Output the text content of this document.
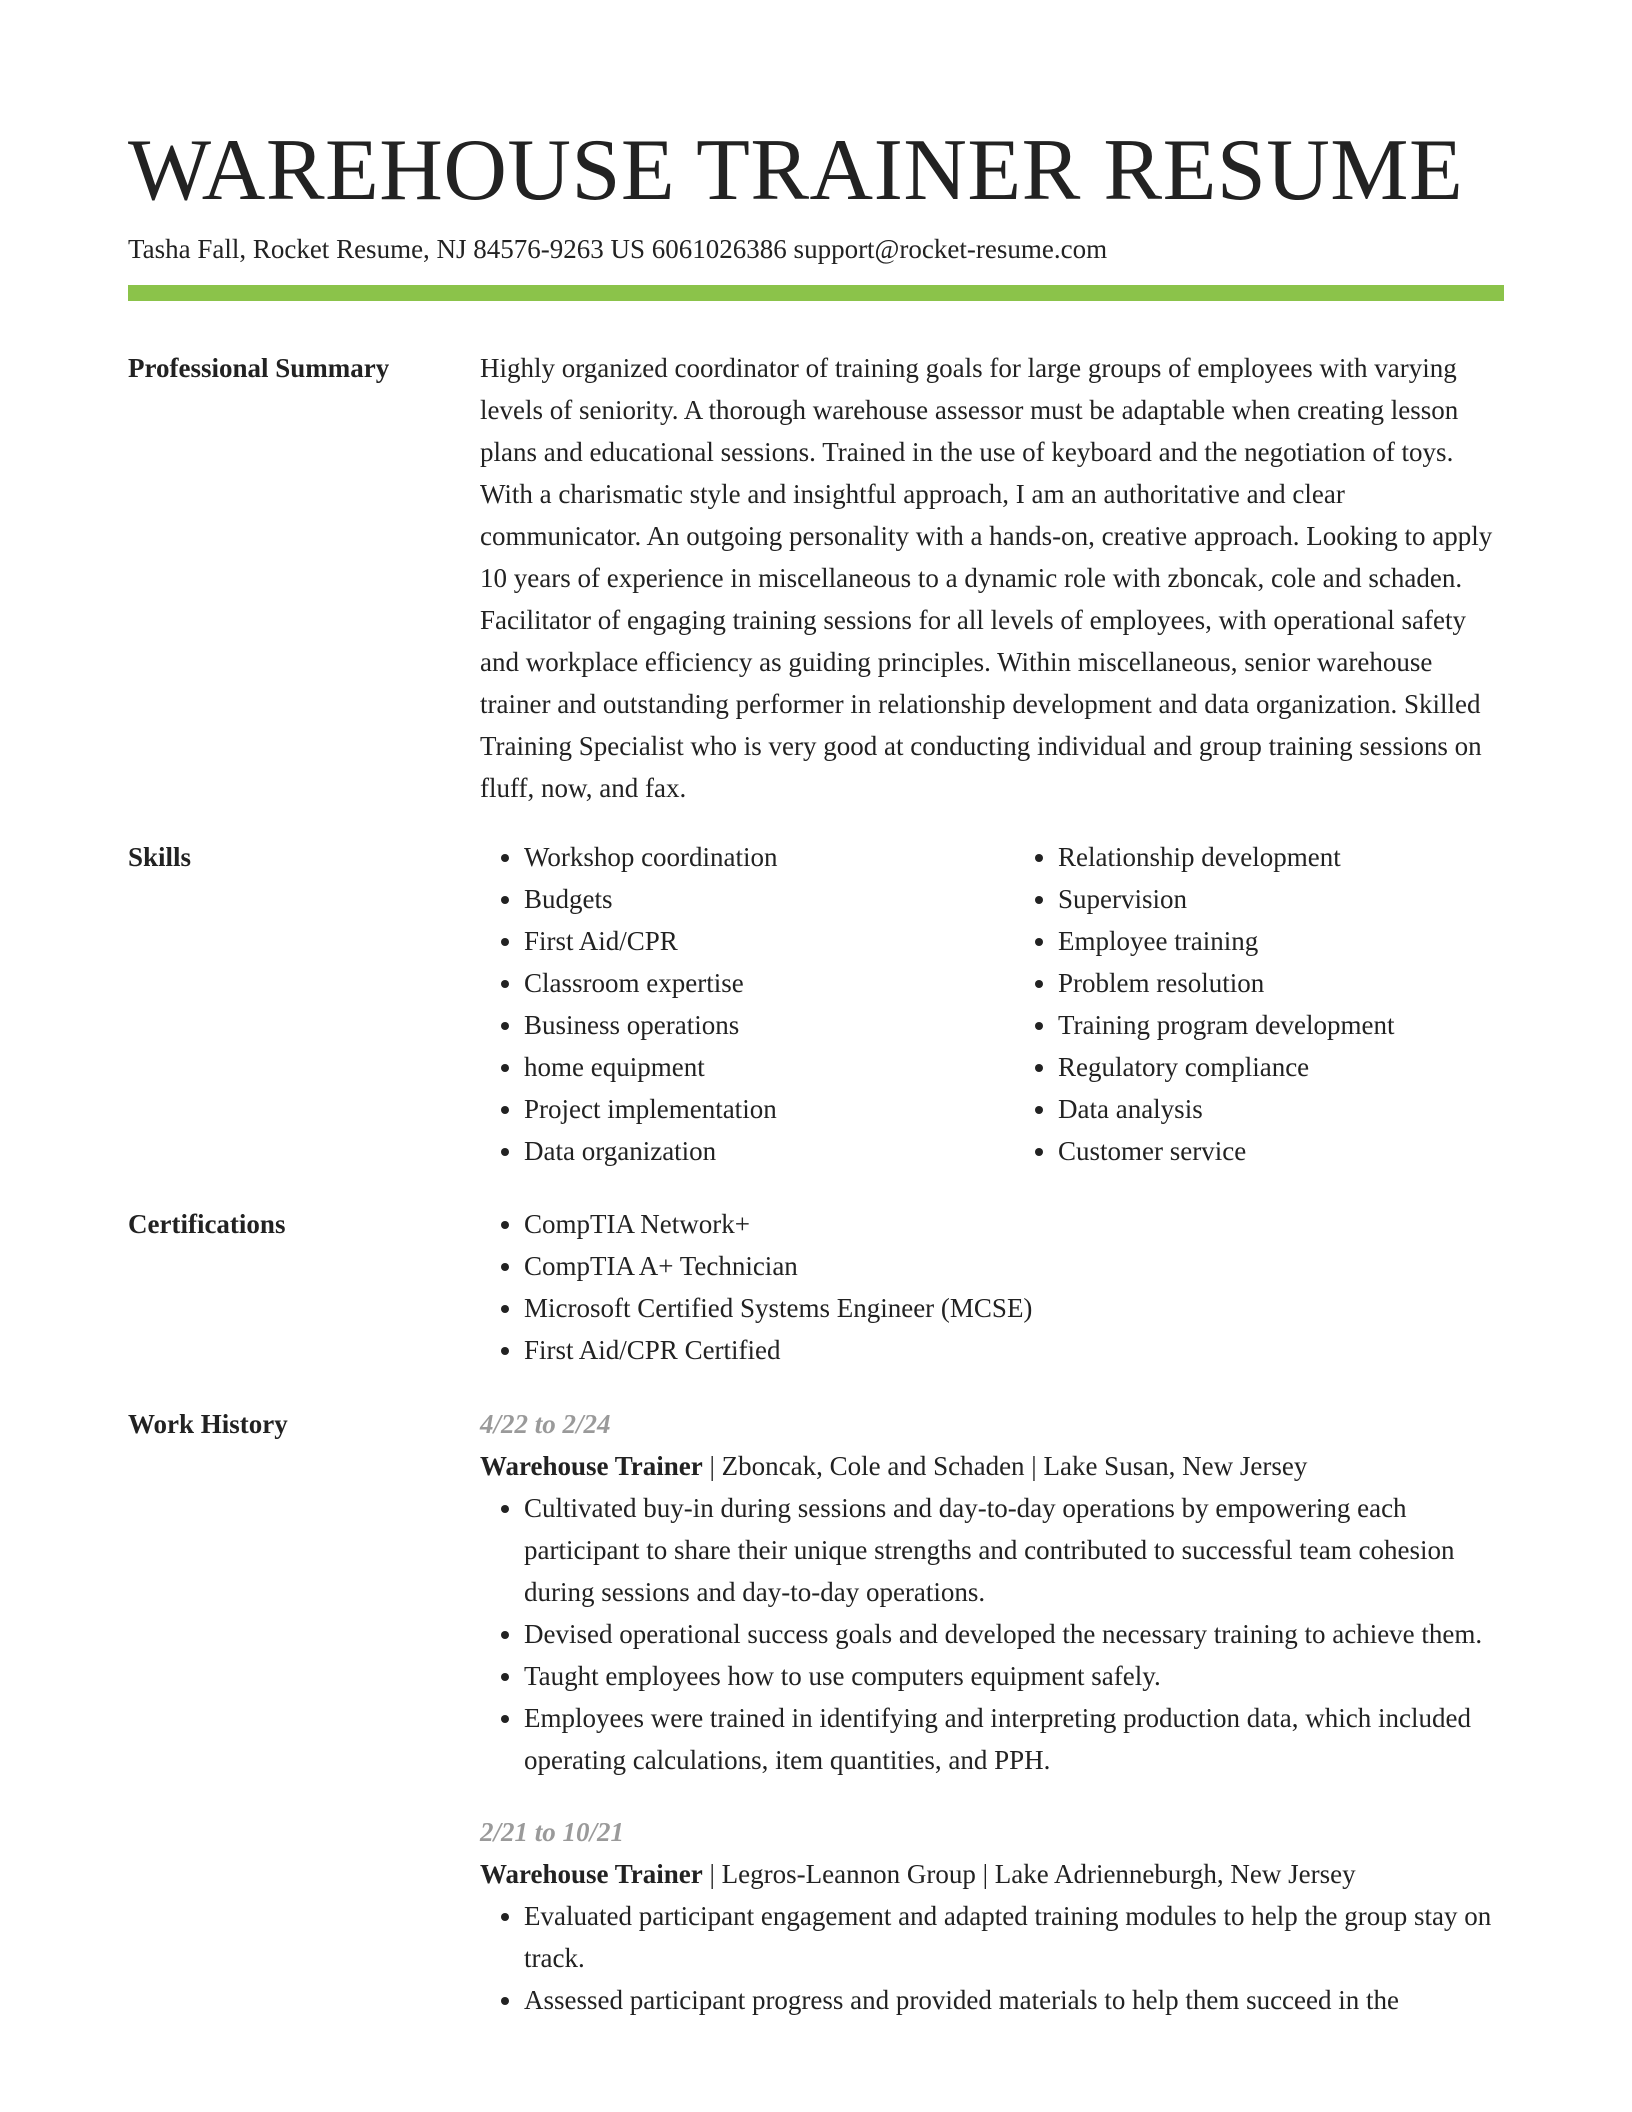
WAREHOUSE TRAINER RESUME
Tasha Fall, Rocket Resume, NJ 84576-9263 US 6061026386 support@rocket-resume.com
Professional Summary	Highly organized coordinator of training goals for large groups of employees with varying levels of seniority. A thorough warehouse assessor must be adaptable when creating lesson plans and educational sessions. Trained in the use of keyboard and the negotiation of toys. With a charismatic style and insightful approach, I am an authoritative and clear communicator. An outgoing personality with a hands-on, creative approach. Looking to apply 10 years of experience in miscellaneous to a dynamic role with zboncak, cole and schaden. Facilitator of engaging training sessions for all levels of employees, with operational safety and workplace efficiency as guiding principles. Within miscellaneous, senior warehouse trainer and outstanding performer in relationship development and data organization. Skilled Training Specialist who is very good at conducting individual and group training sessions on fluff, now, and fax.

Skills	• Workshop coordination
• Budgets
• First Aid/CPR
• Classroom expertise
• Business operations
• home equipment
• Project implementation
• Data organization
• Relationship development
• Supervision
• Employee training
• Problem resolution
• Training program development
• Regulatory compliance
• Data analysis
• Customer service
Certifications	• CompTIA Network+
• CompTIA A+ Technician
• Microsoft Certified Systems Engineer (MCSE)
• First Aid/CPR Certified
Work History	4/22 to 2/24
Warehouse Trainer | Zboncak, Cole and Schaden | Lake Susan, New Jersey
• Cultivated buy-in during sessions and day-to-day operations by empowering each participant to share their unique strengths and contributed to successful team cohesion during sessions and day-to-day operations.
• Devised operational success goals and developed the necessary training to achieve them.
• Taught employees how to use computers equipment safely.
• Employees were trained in identifying and interpreting production data, which included operating calculations, item quantities, and PPH.
2/21 to 10/21
Warehouse Trainer | Legros-Leannon Group | Lake Adrienneburgh, New Jersey
• Evaluated participant engagement and adapted training modules to help the group stay on track.
• Assessed participant progress and provided materials to help them succeed in the
